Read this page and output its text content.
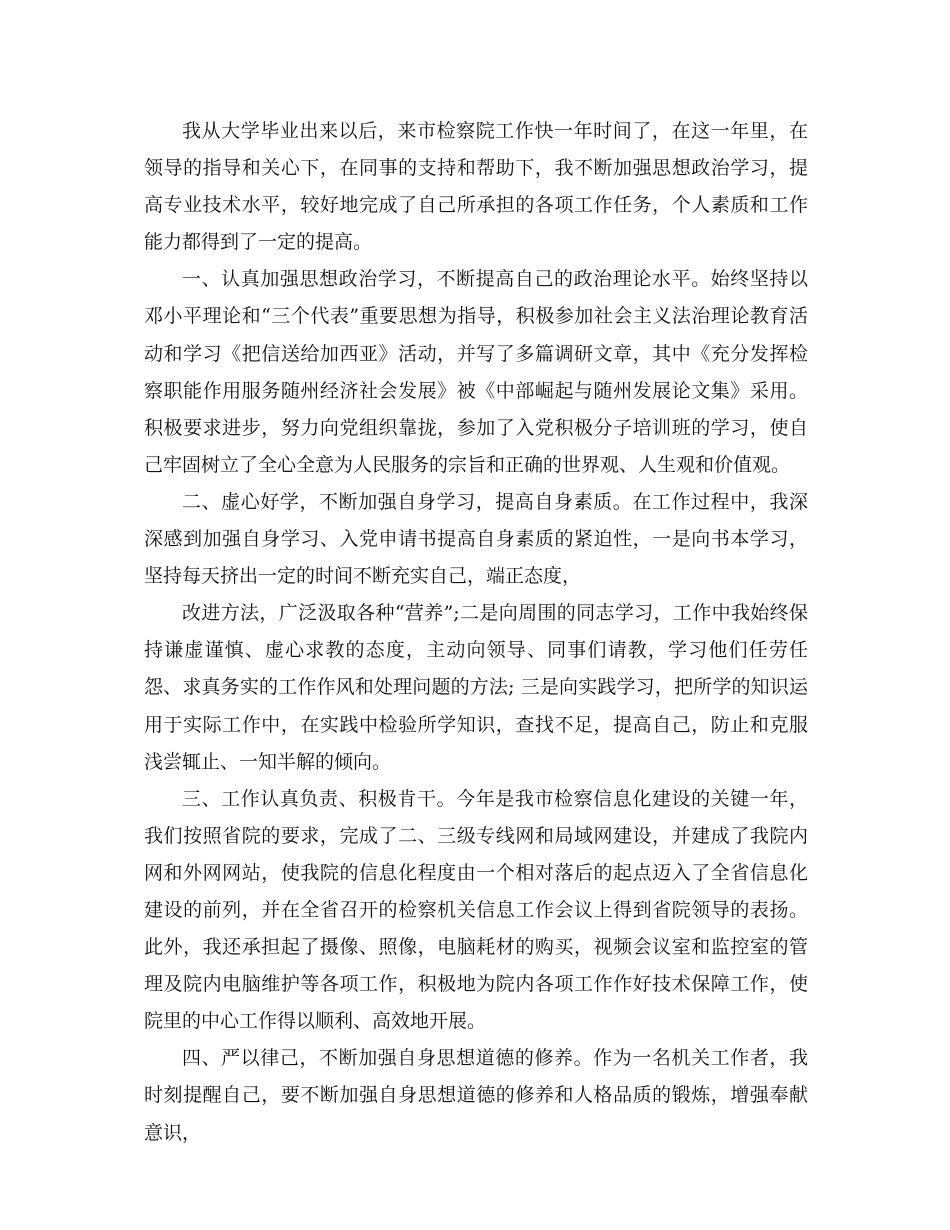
我从大学毕业出来以后，来市检察院工作快一年时间了，在这一年里，在领导的指导和关心下，在同事的支持和帮助下，我不断加强思想政治学习，提高专业技术水平，较好地完成了自己所承担的各项工作任务，个人素质和工作能力都得到了一定的提高。

一、认真加强思想政治学习，不断提高自己的政治理论水平。始终坚持以邓小平理论和“三个代表”重要思想为指导，积极参加社会主义法治理论教育活动和学习《把信送给加西亚》活动，并写了多篇调研文章，其中《充分发挥检察职能作用服务随州经济社会发展》被《中部崛起与随州发展论文集》采用。积极要求进步，努力向党组织靠拢，参加了入党积极分子培训班的学习，使自己牢固树立了全心全意为人民服务的宗旨和正确的世界观、人生观和价值观。

二、虚心好学，不断加强自身学习，提高自身素质。在工作过程中，我深深感到加强自身学习、入党申请书提高自身素质的紧迫性，一是向书本学习，坚持每天挤出一定的时间不断充实自己，端正态度，

改进方法，广泛汲取各种“营养”;二是向周围的同志学习，工作中我始终保持谦虚谨慎、虚心求教的态度，主动向领导、同事们请教，学习他们任劳任怨、求真务实的工作作风和处理问题的方法; 三是向实践学习，把所学的知识运用于实际工作中，在实践中检验所学知识，查找不足，提高自己，防止和克服浅尝辄止、一知半解的倾向。

三、工作认真负责、积极肯干。今年是我市检察信息化建设的关键一年，我们按照省院的要求，完成了二、三级专线网和局域网建设，并建成了我院内网和外网网站，使我院的信息化程度由一个相对落后的起点迈入了全省信息化建设的前列，并在全省召开的检察机关信息工作会议上得到省院领导的表扬。此外，我还承担起了摄像、照像，电脑耗材的购买，视频会议室和监控室的管理及院内电脑维护等各项工作，积极地为院内各项工作作好技术保障工作，使院里的中心工作得以顺利、高效地开展。

四、严以律己，不断加强自身思想道德的修养。作为一名机关工作者，我时刻提醒自己，要不断加强自身思想道德的修养和人格品质的锻炼，增强奉献意识，
